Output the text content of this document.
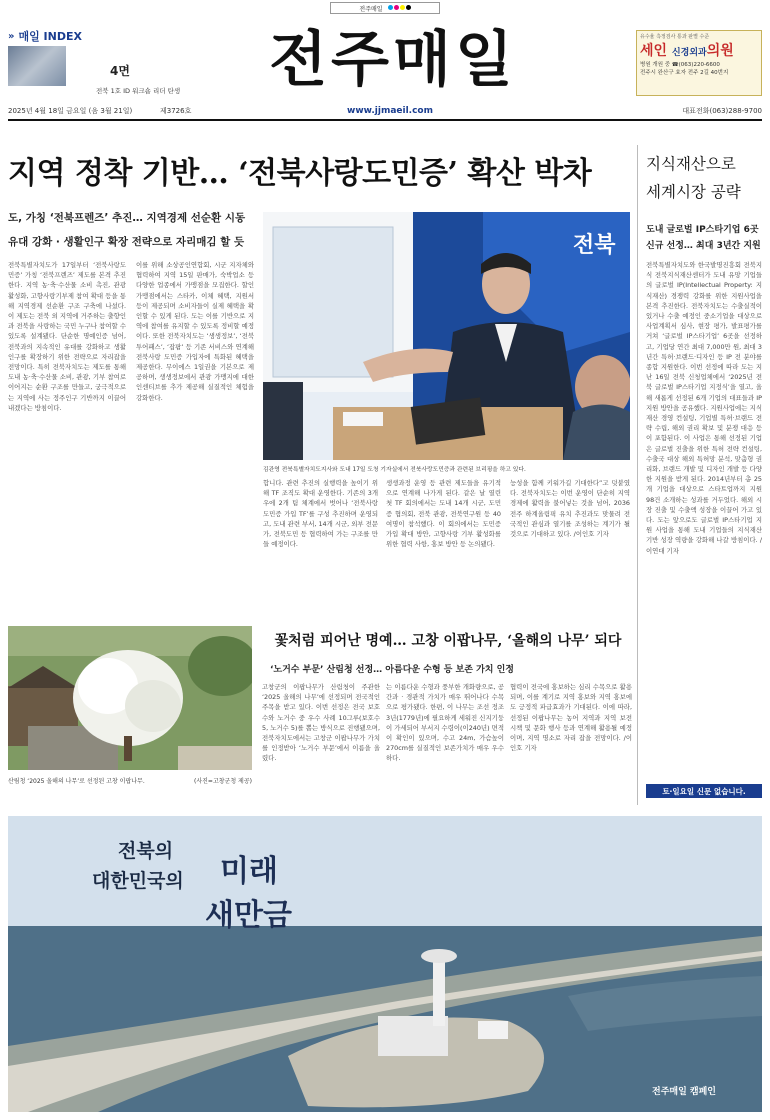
전주매일
» 매일 INDEX
4면
전북 1호 ID 워크숍 리더 탄생 전주매일
www.jjmaeil.com
유수율 측정검사 통과 판별 수준
세인 신경외과의원
병원 개원 중 ☎(063)220-6600
전주시 완산구 효자 전주 2길 40번지
2025년 4월 18일 금요일 (음 3월 21일)	제3726호	대표전화(063)288-9700
지역 정착 기반… ‘전북사랑도민증’ 확산 박차
도, 가칭 ‘전북프렌즈’ 추진… 지역경제 선순환 시동
유대 강화 · 생활인구 확장 전략으로 자리매김 할 듯
전북특별자치도가 17일부터 ‘전북사랑도민증’ 가칭 ‘전북프렌즈’ 제도를 본격 추진한다. 지역 농·축·수산물 소비 촉진, 관광 활성화, 고향사랑기부제 참여 확대 등을 통해 지역경제 선순환 구조 구축에 나섰다. 이 제도는 전북 외 지역에 거주하는 출향인과 전북을 사랑하는 국민 누구나 참여할 수 있도록 설계됐다. 단순한 명예인증 넘어, 전북과의 지속적인 유대를 강화하고 생활인구를 확장하기 위한 전략으로 자리잡을 전망이다. 특히 전북자치도는 제도를 통해 도내 농·축·수산물 소비, 관광, 기부 참여로 이어지는 순환 구조를 만들고, 궁극적으로는 지역에 사는 정주인구 기반까지 이끌어내겠다는 방침이다.
이를 위해 소상공인연합회, 시군 지자체와 협력하여 지역 15일 판매가, 숙박업소 등 다양한 업종에서 가맹점을 모집한다. 할인가맹점에서는 스타카, 이체 혜택, 지원서 등이 제공되며 소비자들이 실제 혜택을 확인할 수 있게 된다. 도는 이를 기반으로 지역에 참여를 유지할 수 있도록 정비할 예정이다. 또한 전북자치도는 ‘생생정보’, ‘전북 투어패스’, ‘잡팜’ 등 기존 서비스와 연계해 전북사랑 도민증 가입자에 특화된 혜택을 제공한다. 무이에스 1일권을 기본으로 제공하며, 생생정보에서 관광 가맹지에 대한 인센티브를 추가 제공해 실질적인 체험을 강화한다.
전북
김관영 전북특별자치도지사와 도내 17일 도청 기자실에서 전북사랑도민증과 관련된 브리핑을 하고 있다.
합니다. 관련 추진의 실행력을 높이기 위해 TF 조직도 확대 운영한다. 기존의 3개 우에 2개 팀 체계에서 벗어나 ‘전북사랑 도민증 가입 TF’를 구성 추진하며 운영되고, 도내 관련 부서, 14개 시군, 외부 전문가, 전북도민 등 협력하여 가는 구조를 만들 예정이다.
생생과정 운영 등 관련 제도들을 유기적으로 연계해 나가게 된다. 같은 날 열린 첫 TF 회의에서는 도내 14개 시군, 도민증 협의회, 전북 관광, 전북연구원 등 40여명이 참석했다. 이 회의에서는 도민증 가입 확대 방안, 고향사랑 기부 활성화를 위한 협력 사항, 홍보 방안 등 논의됐다.
능성을 함께 키워가길 기대한다”고 덧붙였다. 전북자치도는 이번 운영이 단순히 지역경제에 활력을 불어넣는 것을 넘어, 2036 전주 하계올림픽 유치 추진과도 맞물려 전국적인 관심과 열기를 조성하는 계기가 될 것으로 기대하고 있다. /이인호 기자
지식재산으로
세계시장 공략
도내 글로벌 IP스타기업 6곳
신규 선정… 최대 3년간 지원
전북특별자치도와 한국발명진흥회 전북지식 전북지식재산센터가 도내 유망 기업들의 글로벌 IP(Intellectual Property: 지식재산) 경쟁력 강화를 위한 지원사업을 본격 추진한다. 전북자치도는 수출실적이 있거나 수출 예정인 중소기업을 대상으로 사업계획서 심사, 현장 평가, 발표평가를 거쳐 ‘글로벌 IP스타기업’ 6곳을 선정하고, 기업당 연간 최대 7,000만 원, 최대 3년간 특허·브랜드·디자인 등 IP 전 분야를 종합 지원한다. 이번 선정에 따라 도는 지난 16일 전북 신청업체에서 ‘2025년 전북 글로벌 IP스타기업 지정식’을 열고, 올해 새롭게 선정된 6개 기업의 대표들과 IP 지원 방안을 공유했다. 지원사업에는 지식재산 경영 컨설팅, 기업별 특허·브랜드 전략 수립, 해외 권리 확보 및 분쟁 대응 등이 포함된다. 이 사업은 통해 선정된 기업은 글로벌 진출을 위한 특허 전략 컨설팅, 수출국 대상 해외 특허망 분석, 맞춤형 권리화, 브랜드 개발 및 디자인 개발 등 다양한 지원을 받게 된다. 2014년부터 총 25개 기업을 대상으로 스타트업까지 지원 98건 소개하는 성과를 거두었다. 해외 시장 진출 및 수출액 성장을 이끌어 가고 있다. 도는 앞으로도 글로벌 IP스타기업 지원 사업을 통해 도내 기업들의 지식재산 기반 성장 역량을 강화해 나갈 방침이다. /이연대 기자
토·일요일 신문 없습니다.
(사진=고창군청 제공)
산림청 ‘2025 올해의 나무’로 선정된 고창 이팝나무.
꽃처럼 피어난 명예… 고창 이팝나무, ‘올해의 나무’ 되다
‘노거수 부문’ 산림청 선정… 아름다운 수형 등 보존 가치 인정
고창군의 이팝나무가 산림청이 주관한 ‘2025 올해의 나무’에 선정되며 전국적인 주목을 받고 있다. 이번 선정은 전국 보호수와 노거수 중 우수 사례 10그루(보호수 5, 노거수 5)를 뽑는 방식으로 진행됐으며, 전북자치도에서는 고창군 이팝나무가 가치를 인정받아 ‘노거수 부문’에서 이름을 올렸다.
는 이름다운 수형과 풍부한 개화량으로, 공간과 · 경관적 가치가 매우 뛰어나다 수목으로 평가됐다. 한편, 이 나무는 조선 정조 3년(1779년)에 필요하게 세워진 신지기둥이 가세되어 부서지 수령이(이240년) 면적이 확인이 있으며, 수고 24m, 가슴높이 270cm를 실질적인 보존가치가 매우 우수하다.
협력이 전국에 홍보하는 심리 수목으로 활용되며, 이를 계기로 지역 홍보와 지역 홍보에도 긍정적 파급효과가 기대된다. 이에 따라, 선정된 이팝나무는 농어 지역과 지역 보전 시책 및 문화 행사 등과 연계해 활용될 예정이며, 지역 명소로 자리 잡을 전망이다. /이인호 기자
전북의
대한민국의 미래
새만금
전주매일 캠페인
